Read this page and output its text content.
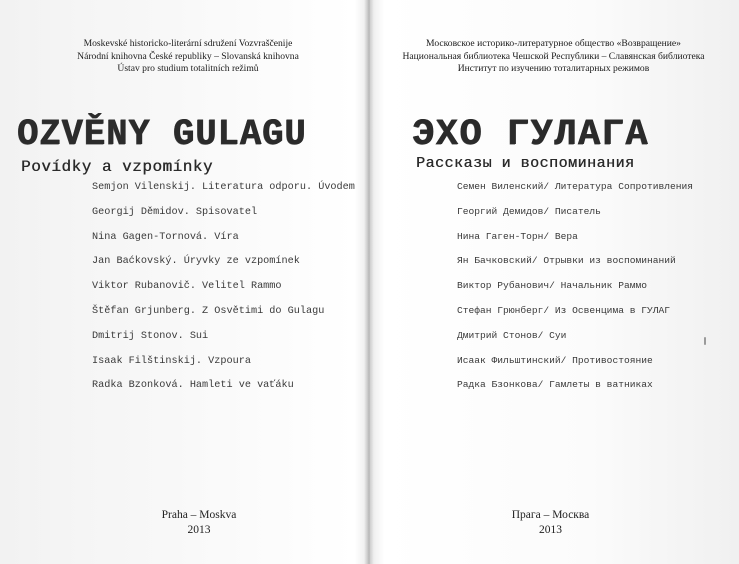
Moskevské historicko-literární sdružení Vozvraščenije
Národní knihovna České republiky – Slovanská knihovna
Ústav pro studium totalitních režimů
OZVĚNY GULAGU
Povídky a vzpomínky
Semjon Vilenskij. Literatura odporu. Úvodem
Georgij Děmidov. Spisovatel
Nina Gagen-Tornová. Víra
Jan Baćkovský. Úryvky ze vzpomínek
Viktor Rubanovič. Velitel Rammo
Štěfan Grjunberg. Z Osvětimi do Gulagu
Dmitrij Stonov. Sui
Isaak Filštinskij. Vzpoura
Radka Bzonková. Hamleti ve vaťáku
Praha – Moskva
2013
Московское историко-литературное общество «Возвращение»
Национальная библиотека Чешской Республики – Славянская библиотека
Институт по изучению тоталитарных режимов
ЭХО ГУЛАГА
Рассказы и воспоминания
Семен Виленский/ Литература Сопротивления
Георгий Демидов/ Писатель
Нина Гаген-Торн/ Вера
Ян Бачковский/ Отрывки из воспоминаний
Виктор Рубанович/ Начальник Раммо
Стефан Грюнберг/ Из Освенцима в ГУЛАГ
Дмитрий Стонов/ Суи
Исаак Фильштинский/ Противостояние
Радка Бзонкова/ Гамлеты в ватниках
Прага – Москва
2013
